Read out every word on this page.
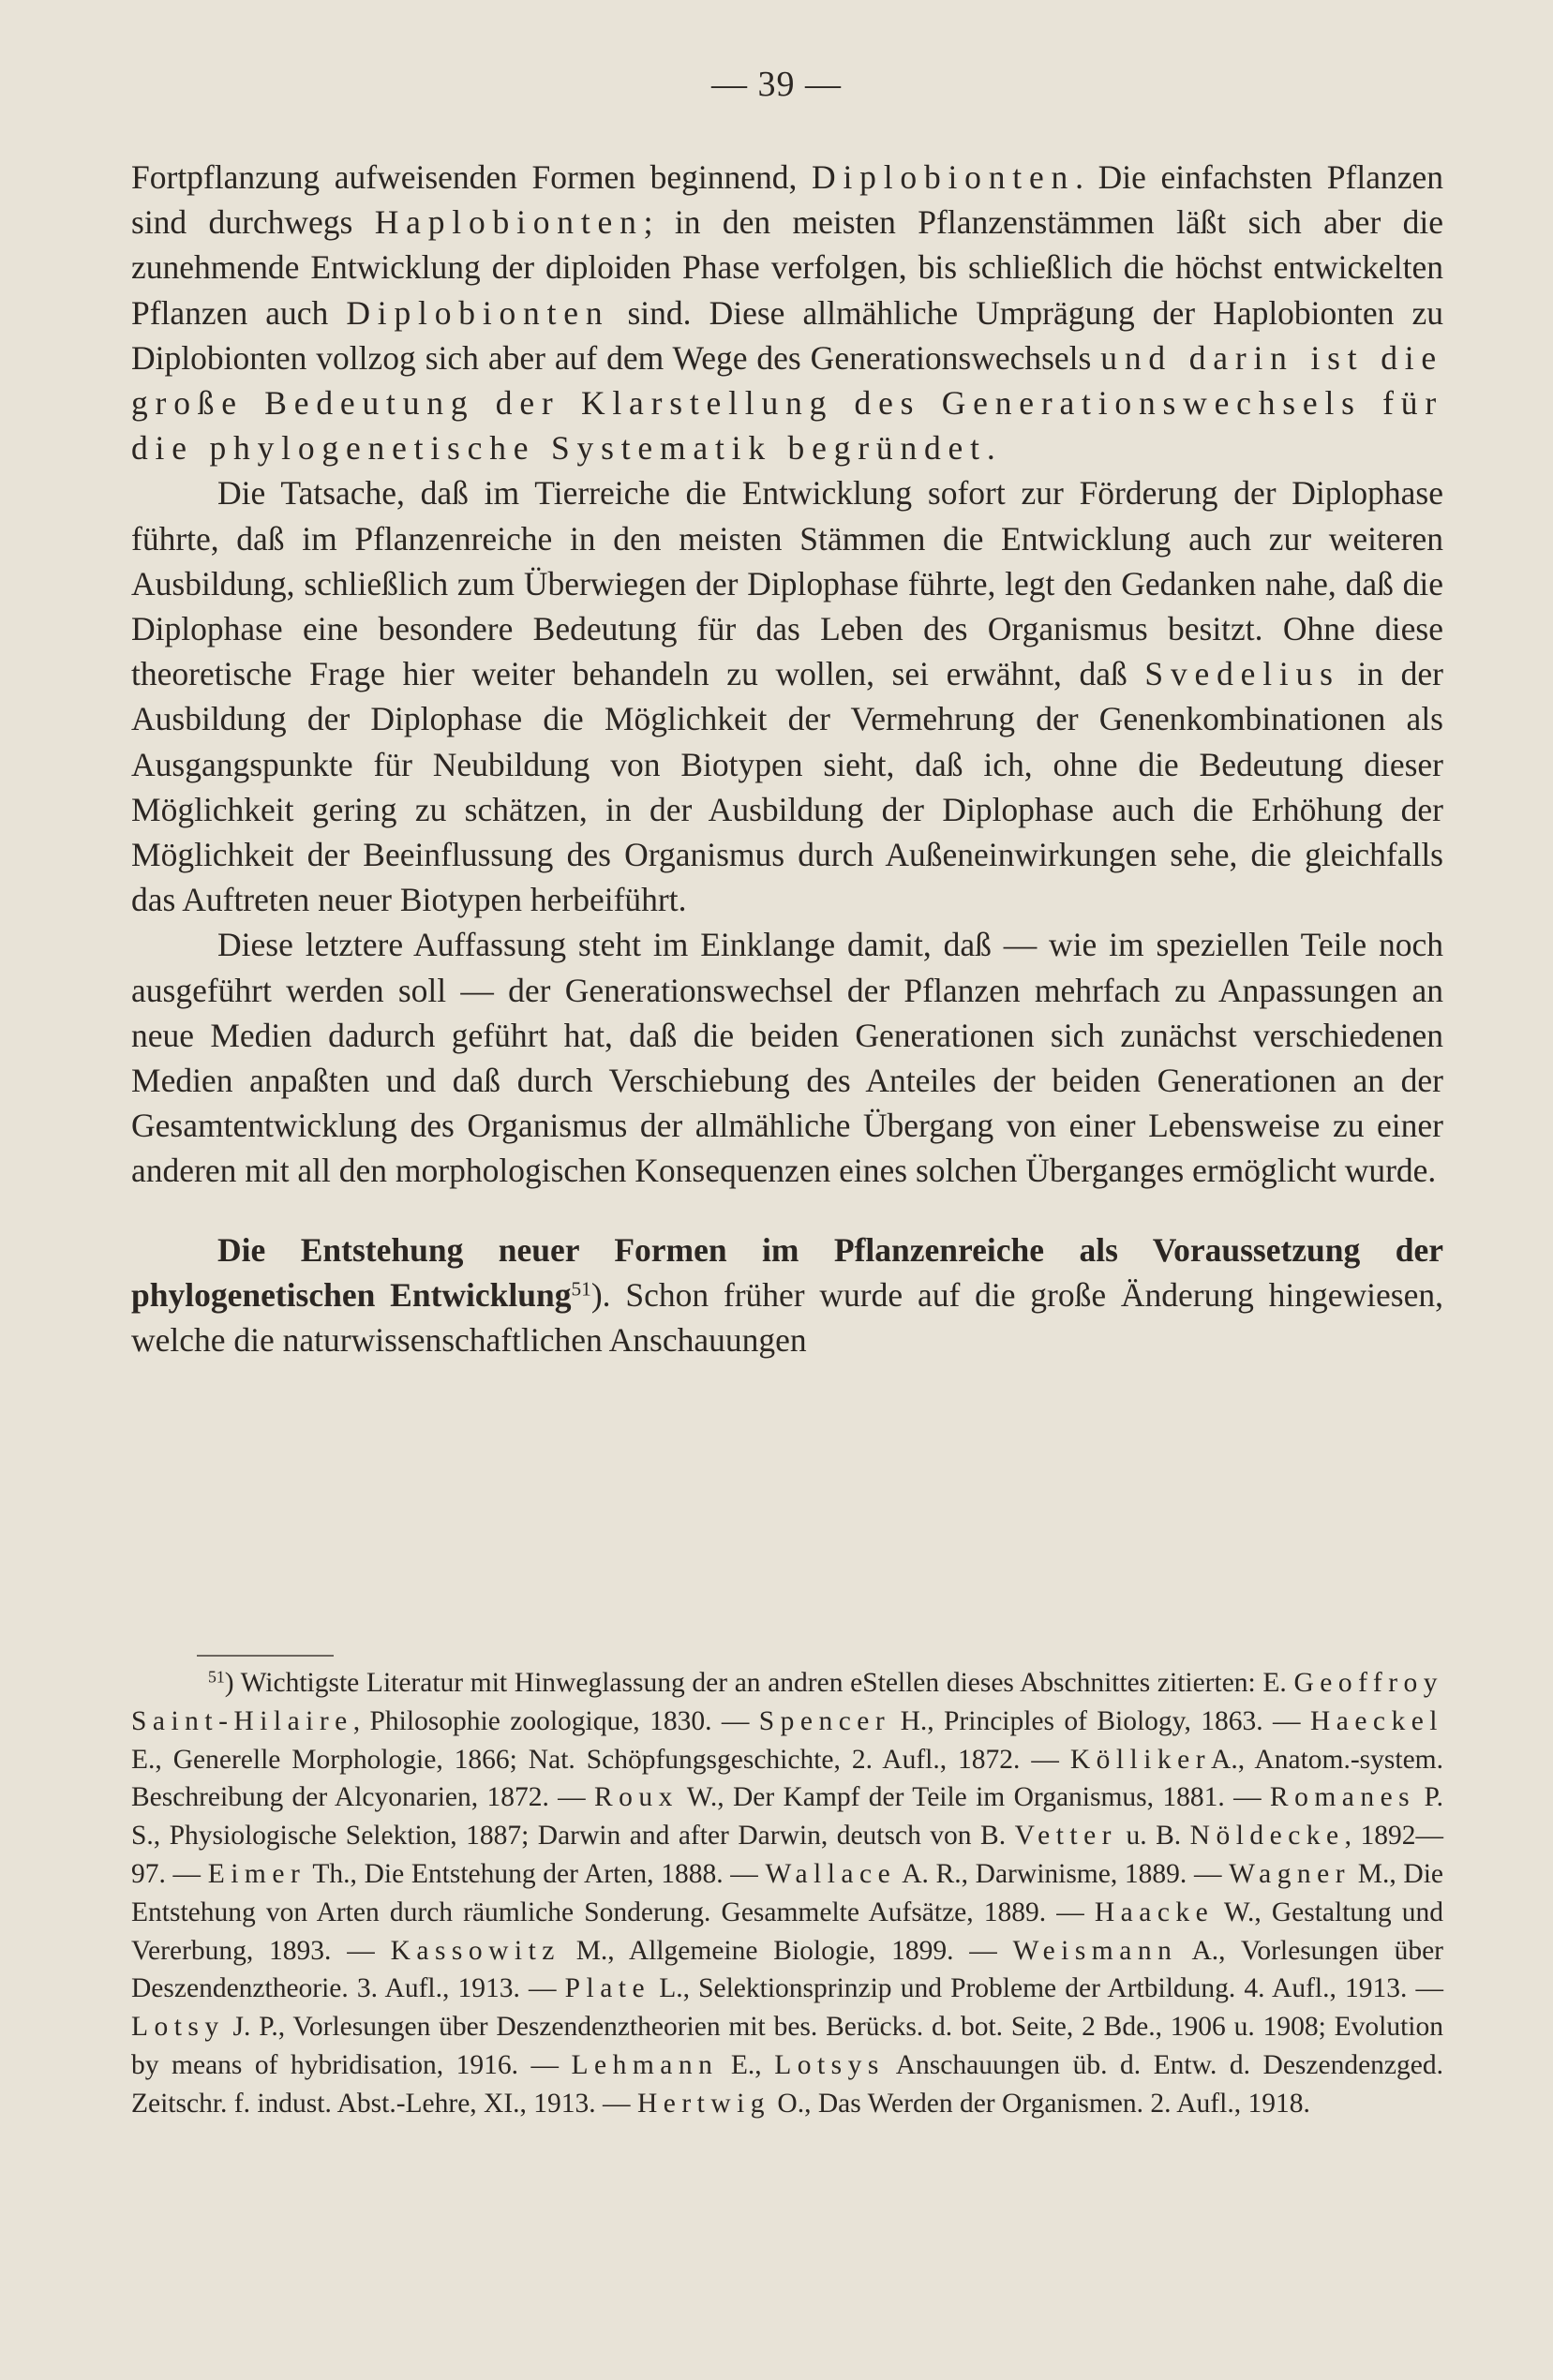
— 39 —

Fortpflanzung aufweisenden Formen beginnend, Diplobionten. Die einfachsten Pflanzen sind durchwegs Haplobionten; in den meisten Pflanzenstämmen läßt sich aber die zunehmende Entwicklung der diploiden Phase verfolgen, bis schließlich die höchst entwickelten Pflanzen auch Diplobionten sind. Diese allmähliche Umprägung der Haplobionten zu Diplobionten vollzog sich aber auf dem Wege des Generationswechsels und darin ist die große Bedeutung der Klarstellung des Generationswechsels für die phylogenetische Systematik begründet.

Die Tatsache, daß im Tierreiche die Entwicklung sofort zur Förderung der Diplophase führte, daß im Pflanzenreiche in den meisten Stämmen die Entwicklung auch zur weiteren Ausbildung, schließlich zum Überwiegen der Diplophase führte, legt den Gedanken nahe, daß die Diplophase eine besondere Bedeutung für das Leben des Organismus besitzt. Ohne diese theoretische Frage hier weiter behandeln zu wollen, sei erwähnt, daß Svedelius in der Ausbildung der Diplophase die Möglichkeit der Vermehrung der Genenkombinationen als Ausgangspunkte für Neubildung von Biotypen sieht, daß ich, ohne die Bedeutung dieser Möglichkeit gering zu schätzen, in der Ausbildung der Diplophase auch die Erhöhung der Möglichkeit der Beeinflussung des Organismus durch Außeneinwirkungen sehe, die gleichfalls das Auftreten neuer Biotypen herbeiführt.

Diese letztere Auffassung steht im Einklange damit, daß — wie im speziellen Teile noch ausgeführt werden soll — der Generationswechsel der Pflanzen mehrfach zu Anpassungen an neue Medien dadurch geführt hat, daß die beiden Generationen sich zunächst verschiedenen Medien anpaßten und daß durch Verschiebung des Anteiles der beiden Generationen an der Gesamtentwicklung des Organismus der allmähliche Übergang von einer Lebensweise zu einer anderen mit all den morphologischen Konsequenzen eines solchen Überganges ermöglicht wurde.

Die Entstehung neuer Formen im Pflanzenreiche als Voraussetzung der phylogenetischen Entwicklung$^{51}$). Schon früher wurde auf die große Änderung hingewiesen, welche die naturwissenschaftlichen Anschauungen

$^{51}$) Wichtigste Literatur mit Hinweglassung der an andren eStellen dieses Abschnittes zitierten: E. Geoffroy Saint-Hilaire, Philosophie zoologique, 1830. — Spencer H., Principles of Biology, 1863. — Haeckel E., Generelle Morphologie, 1866; Nat. Schöpfungsgeschichte, 2. Aufl., 1872. — KöllikerA., Anatom.-system. Beschreibung der Alcyonarien, 1872. — Roux W., Der Kampf der Teile im Organismus, 1881. — Romanes P. S., Physiologische Selektion, 1887; Darwin and after Darwin, deutsch von B. Vetter u. B. Nöldecke, 1892—97. — Eimer Th., Die Entstehung der Arten, 1888. — Wallace A. R., Darwinisme, 1889. — Wagner M., Die Entstehung von Arten durch räumliche Sonderung. Gesammelte Aufsätze, 1889. — Haacke W., Gestaltung und Vererbung, 1893. — Kassowitz M., Allgemeine Biologie, 1899. — Weismann A., Vorlesungen über Deszendenztheorie. 3. Aufl., 1913. — Plate L., Selektionsprinzip und Probleme der Artbildung. 4. Aufl., 1913. — Lotsy J. P., Vorlesungen über Deszendenztheorien mit bes. Berücks. d. bot. Seite, 2 Bde., 1906 u. 1908; Evolution by means of hybridisation, 1916. — Lehmann E., Lotsys Anschauungen üb. d. Entw. d. Deszendenzged. Zeitschr. f. indust. Abst.-Lehre, XI., 1913. — Hertwig O., Das Werden der Organismen. 2. Aufl., 1918.
